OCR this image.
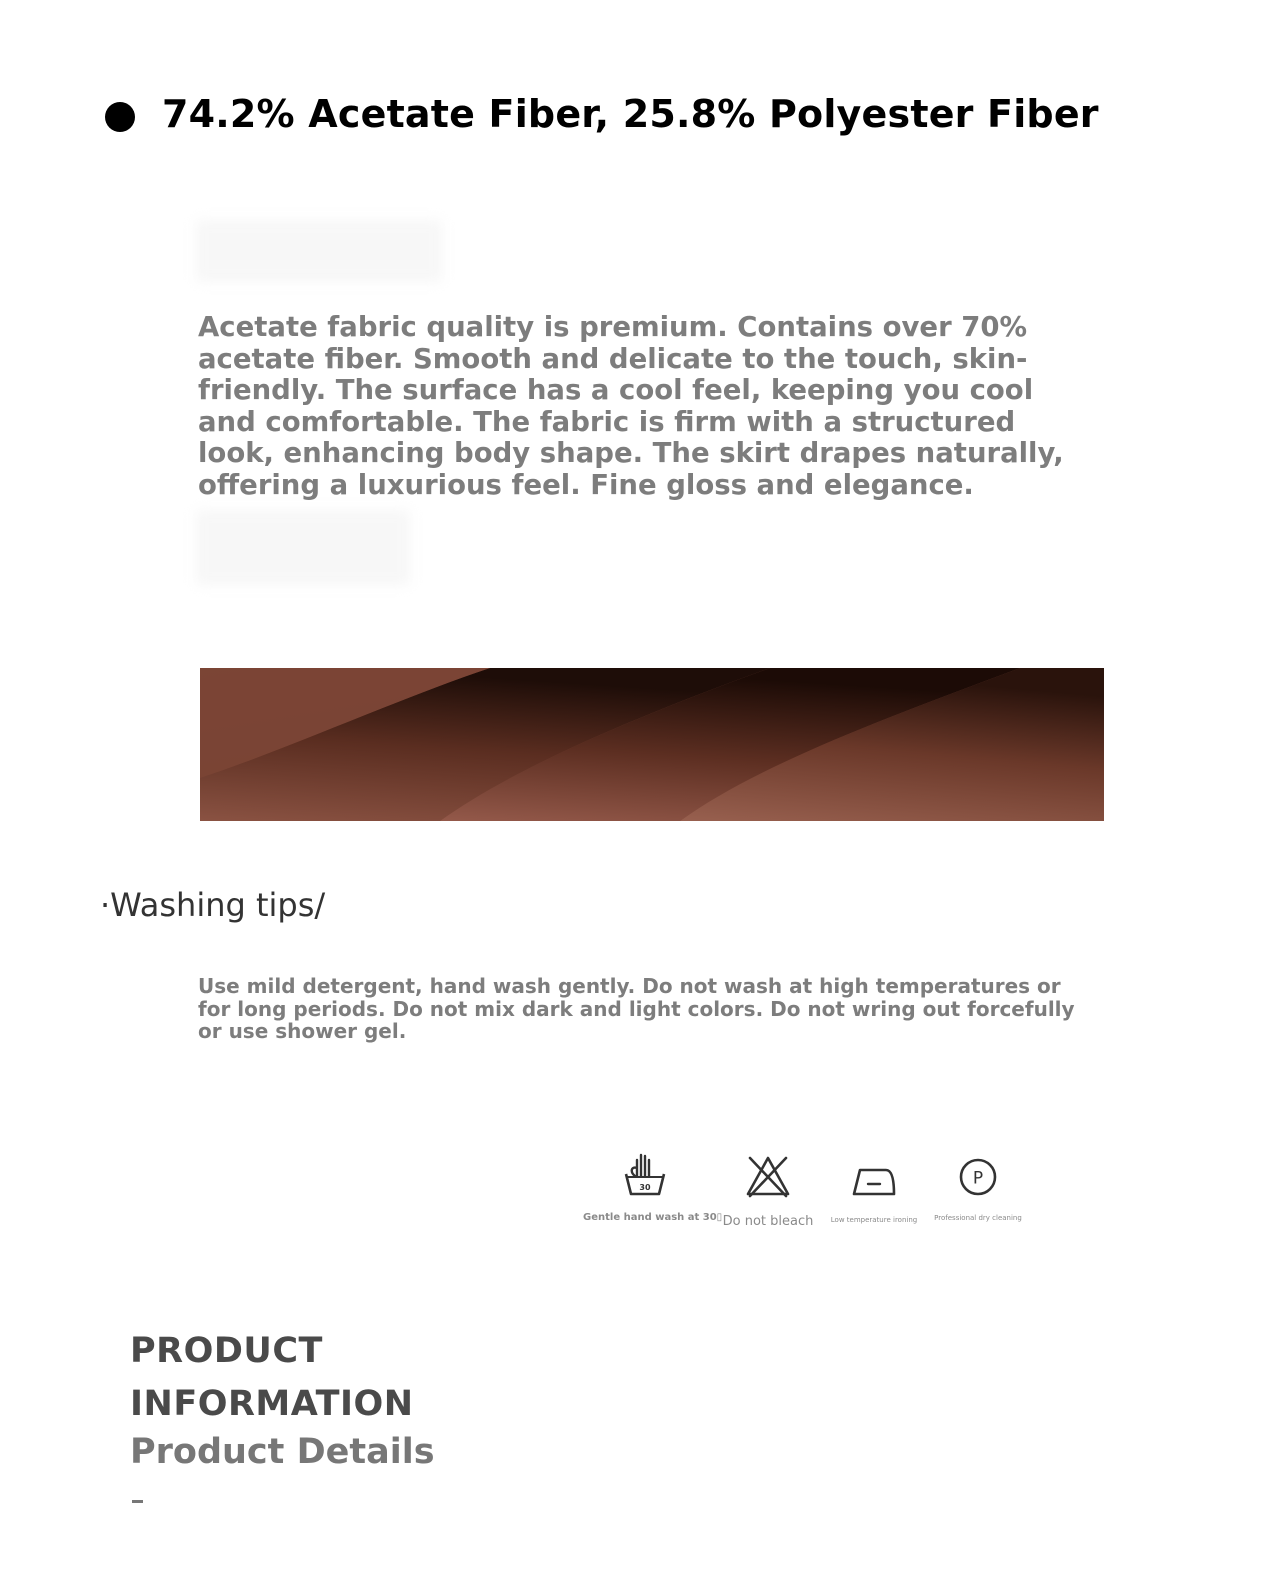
74.2% Acetate Fiber, 25.8% Polyester Fiber
Acetate fabric quality is premium. Contains over 70% acetate fiber. Smooth and delicate to the touch, skin-friendly. The surface has a cool feel, keeping you cool and comfortable. The fabric is firm with a structured look, enhancing body shape. The skirt drapes naturally, offering a luxurious feel. Fine gloss and elegance.
·Washing tips/
Use mild detergent, hand wash gently. Do not wash at high temperatures or for long periods. Do not mix dark and light colors. Do not wring out forcefully or use shower gel.
30
Gentle hand wash at 30▯ Do not bleach	Low temperature ironing
P
Professional dry cleaning
PRODUCT
INFORMATION
Product Details
